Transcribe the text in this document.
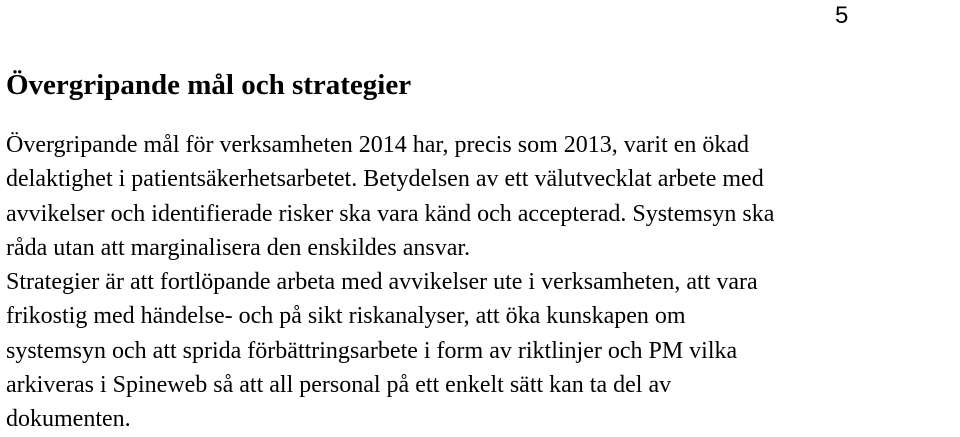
5
Övergripande mål och strategier

Övergripande mål för verksamheten 2014 har, precis som 2013, varit en ökad
delaktighet i patientsäkerhetsarbetet. Betydelsen av ett välutvecklat arbete med
avvikelser och identifierade risker ska vara känd och accepterad. Systemsyn ska
råda utan att marginalisera den enskildes ansvar.
Strategier är att fortlöpande arbeta med avvikelser ute i verksamheten, att vara
frikostig med händelse- och på sikt riskanalyser, att öka kunskapen om
systemsyn och att sprida förbättringsarbete i form av riktlinjer och PM vilka
arkiveras i Spineweb så att all personal på ett enkelt sätt kan ta del av
dokumenten.
